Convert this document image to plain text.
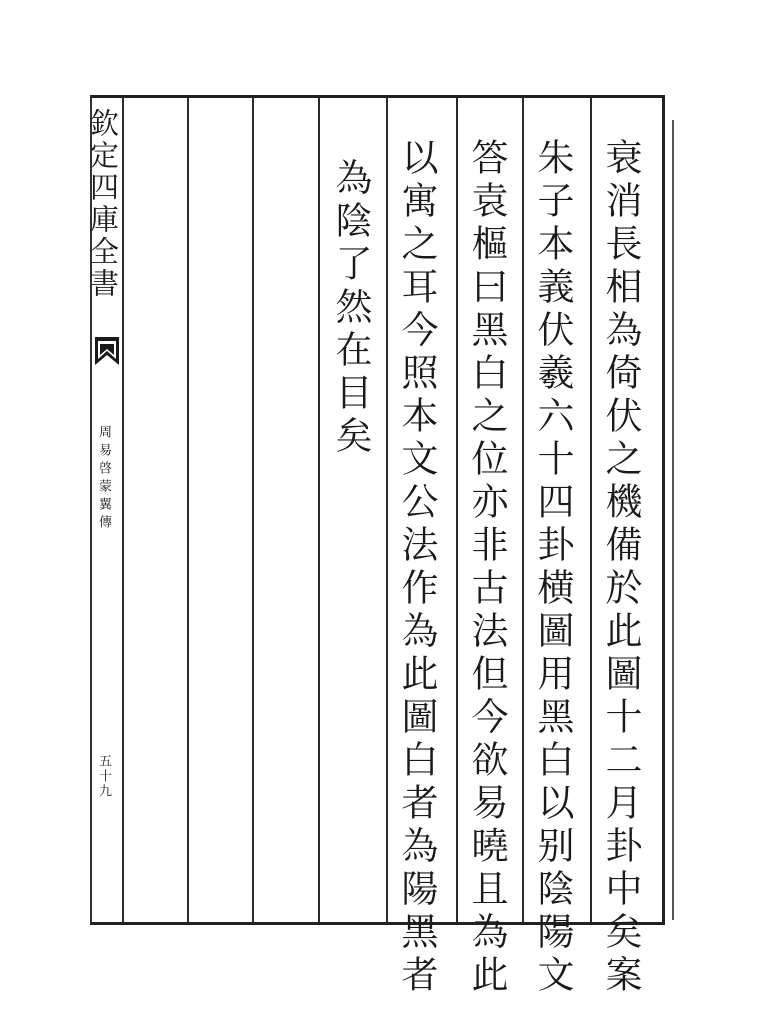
欽定四庫全書
周易啓蒙翼傳
五十九	衰消長相為倚伏之機備於此圖十二月卦中矣案
朱子本義伏羲六十四卦横圖用黑白以别陰陽文
答袁樞曰黑白之位亦非古法但今欲易曉且為此
以寓之耳今照本文公法作為此圖白者為陽黑者
為陰了然在目矣
